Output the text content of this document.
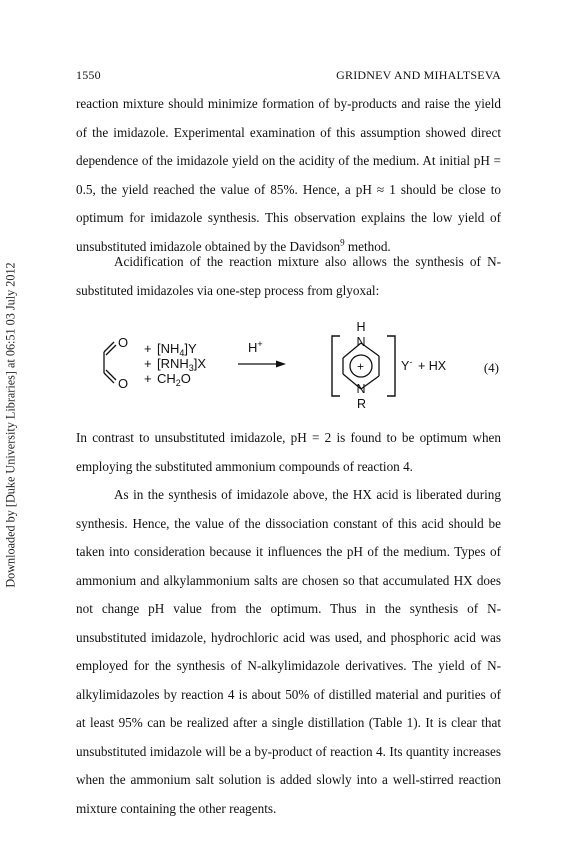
Downloaded by [Duke University Libraries] at 06:51 03 July 2012
1550	GRIDNEV AND MIHALTSEVA

reaction mixture should minimize formation of by-products and raise the yield of the imidazole. Experimental examination of this assumption showed direct dependence of the imidazole yield on the acidity of the medium. At initial pH = 0.5, the yield reached the value of 85%. Hence, a pH ≈ 1 should be close to optimum for imidazole synthesis. This observation explains the low yield of unsubstituted imidazole obtained by the Davidson$^9$ method.

Acidification of the reaction mixture also allows the synthesis of N-substituted imidazoles via one-step process from glyoxal:

O
O
+
+
+
$[NH_4]Y$
$[RNH_3]X$
$CH_2O$
H+
H
N
N
R
+	Y- + HX	(4)

In contrast to unsubstituted imidazole, pH = 2 is found to be optimum when employing the substituted ammonium compounds of reaction 4.

As in the synthesis of imidazole above, the HX acid is liberated during synthesis. Hence, the value of the dissociation constant of this acid should be taken into consideration because it influences the pH of the medium. Types of ammonium and alkylammonium salts are chosen so that accumulated HX does not change pH value from the optimum. Thus in the synthesis of N-unsubstituted imidazole, hydrochloric acid was used, and phosphoric acid was employed for the synthesis of N-alkylimidazole derivatives. The yield of N-alkylimidazoles by reaction 4 is about 50% of distilled material and purities of at least 95% can be realized after a single distillation (Table 1). It is clear that unsubstituted imidazole will be a by-product of reaction 4. Its quantity increases when the ammonium salt solution is added slowly into a well-stirred reaction mixture containing the other reagents.
